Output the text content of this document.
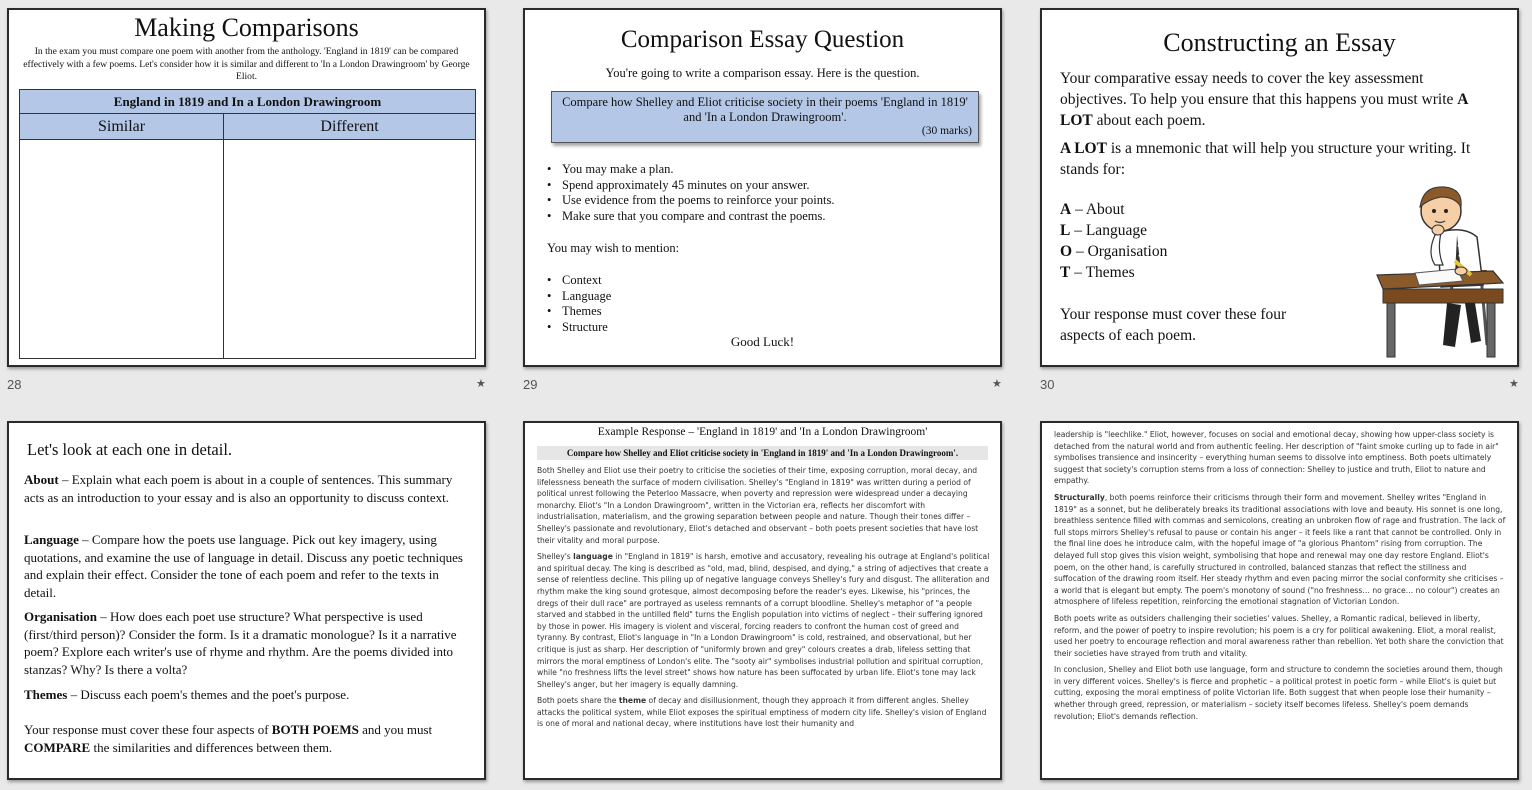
Making Comparisons
In the exam you must compare one poem with another from the anthology. 'England in 1819' can be compared effectively with a few poems. Let's consider how it is similar and different to 'In a London Drawingroom' by George Eliot.
England in 1819 and In a London Drawingroom	
Similar	Different

28	★
Comparison Essay Question
You're going to write a comparison essay. Here is the question.
Compare how Shelley and Eliot criticise society in their poems 'England in 1819' and 'In a London Drawingroom'.
(30 marks)
• You may make a plan.
• Spend approximately 45 minutes on your answer.
• Use evidence from the poems to reinforce your points.
• Make sure that you compare and contrast the poems.
You may wish to mention:
• Context
• Language
• Themes
• Structure
Good Luck!
29	★
Constructing an Essay
Your comparative essay needs to cover the key assessment objectives. To help you ensure that this happens you must write A LOT about each poem.
A LOT is a mnemonic that will help you structure your writing. It stands for:
A – About
L – Language
O – Organisation
T – Themes
Your response must cover these four aspects of each poem.
30	★
Let's look at each one in detail.
About – Explain what each poem is about in a couple of sentences. This summary acts as an introduction to your essay and is also an opportunity to discuss context.
Language – Compare how the poets use language. Pick out key imagery, using quotations, and examine the use of language in detail. Discuss any poetic techniques and explain their effect. Consider the tone of each poem and refer to the texts in detail.
Organisation – How does each poet use structure? What perspective is used (first/third person)? Consider the form. Is it a dramatic monologue? Is it a narrative poem? Explore each writer's use of rhyme and rhythm. Are the poems divided into stanzas? Why? Is there a volta?
Themes – Discuss each poem's themes and the poet's purpose.
Your response must cover these four aspects of BOTH POEMS and you must COMPARE the similarities and differences between them.
Example Response – 'England in 1819' and 'In a London Drawingroom'
Compare how Shelley and Eliot criticise society in 'England in 1819' and 'In a London Drawingroom'.

Both Shelley and Eliot use their poetry to criticise the societies of their time, exposing corruption, moral decay, and lifelessness beneath the surface of modern civilisation. Shelley's "England in 1819" was written during a period of political unrest following the Peterloo Massacre, when poverty and repression were widespread under a decaying monarchy. Eliot's "In a London Drawingroom", written in the Victorian era, reflects her discomfort with industrialisation, materialism, and the growing separation between people and nature. Though their tones differ – Shelley's passionate and revolutionary, Eliot's detached and observant – both poets present societies that have lost their vitality and moral purpose.

Shelley's language in "England in 1819" is harsh, emotive and accusatory, revealing his outrage at England's political and spiritual decay. The king is described as "old, mad, blind, despised, and dying," a string of adjectives that create a sense of relentless decline. This piling up of negative language conveys Shelley's fury and disgust. The alliteration and rhythm make the king sound grotesque, almost decomposing before the reader's eyes. Likewise, his "princes, the dregs of their dull race" are portrayed as useless remnants of a corrupt bloodline. Shelley's metaphor of "a people starved and stabbed in the untilled field" turns the English population into victims of neglect – their suffering ignored by those in power. His imagery is violent and visceral, forcing readers to confront the human cost of greed and tyranny. By contrast, Eliot's language in "In a London Drawingroom" is cold, restrained, and observational, but her critique is just as sharp. Her description of "uniformly brown and grey" colours creates a drab, lifeless setting that mirrors the moral emptiness of London's elite. The "sooty air" symbolises industrial pollution and spiritual corruption, while "no freshness lifts the level street" shows how nature has been suffocated by urban life. Eliot's tone may lack Shelley's anger, but her imagery is equally damning.

Both poets share the theme of decay and disillusionment, though they approach it from different angles. Shelley attacks the political system, while Eliot exposes the spiritual emptiness of modern city life. Shelley's vision of England is one of moral and national decay, where institutions have lost their humanity and

leadership is "leechlike." Eliot, however, focuses on social and emotional decay, showing how upper-class society is detached from the natural world and from authentic feeling. Her description of "faint smoke curling up to fade in air" symbolises transience and insincerity – everything human seems to dissolve into emptiness. Both poets ultimately suggest that society's corruption stems from a loss of connection: Shelley to justice and truth, Eliot to nature and empathy.

Structurally, both poems reinforce their criticisms through their form and movement. Shelley writes "England in 1819" as a sonnet, but he deliberately breaks its traditional associations with love and beauty. His sonnet is one long, breathless sentence filled with commas and semicolons, creating an unbroken flow of rage and frustration. The lack of full stops mirrors Shelley's refusal to pause or contain his anger – it feels like a rant that cannot be controlled. Only in the final line does he introduce calm, with the hopeful image of "a glorious Phantom" rising from corruption. The delayed full stop gives this vision weight, symbolising that hope and renewal may one day restore England. Eliot's poem, on the other hand, is carefully structured in controlled, balanced stanzas that reflect the stillness and suffocation of the drawing room itself. Her steady rhythm and even pacing mirror the social conformity she criticises – a world that is elegant but empty. The poem's monotony of sound ("no freshness… no grace… no colour") creates an atmosphere of lifeless repetition, reinforcing the emotional stagnation of Victorian London.

Both poets write as outsiders challenging their societies' values. Shelley, a Romantic radical, believed in liberty, reform, and the power of poetry to inspire revolution; his poem is a cry for political awakening. Eliot, a moral realist, used her poetry to encourage reflection and moral awareness rather than rebellion. Yet both share the conviction that their societies have strayed from truth and vitality.

In conclusion, Shelley and Eliot both use language, form and structure to condemn the societies around them, though in very different voices. Shelley's is fierce and prophetic – a political protest in poetic form – while Eliot's is quiet but cutting, exposing the moral emptiness of polite Victorian life. Both suggest that when people lose their humanity – whether through greed, repression, or materialism – society itself becomes lifeless. Shelley's poem demands revolution; Eliot's demands reflection.
